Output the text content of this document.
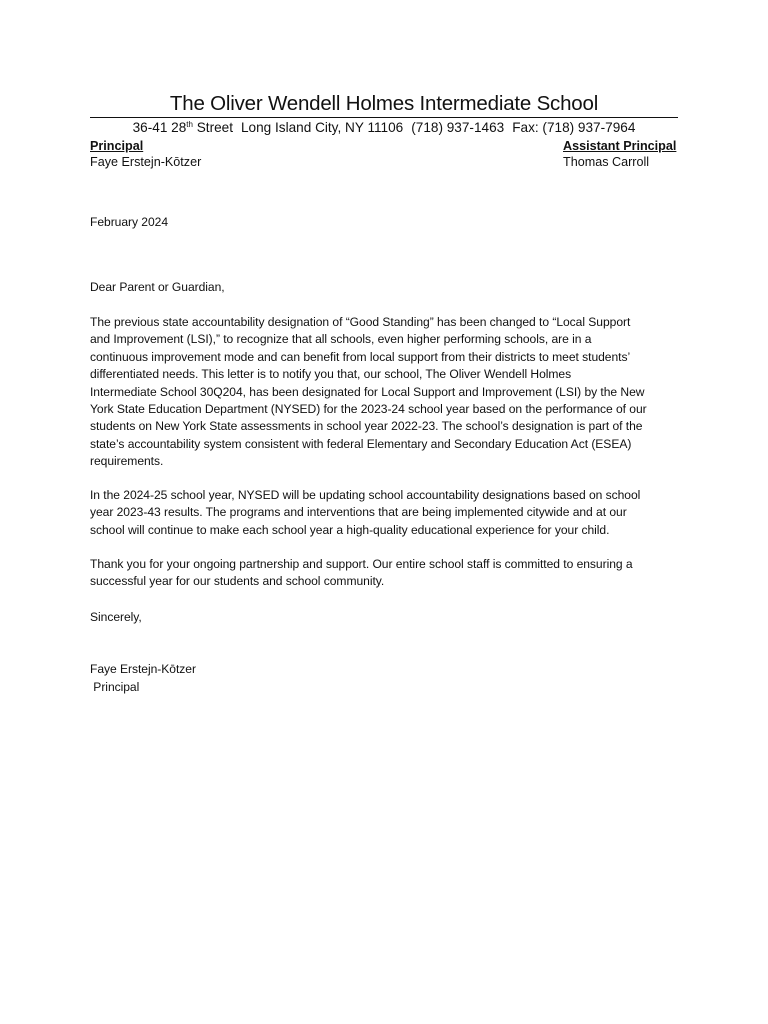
The Oliver Wendell Holmes Intermediate School
36-41 28th Street Long Island City, NY 11106 (718) 937-1463 Fax: (718) 937-7964
Principal
Faye Erstejn-Kōtzer
Assistant Principal
Thomas Carroll

February 2024

Dear Parent or Guardian,

The previous state accountability designation of “Good Standing” has been changed to “Local Support
and Improvement (LSI),” to recognize that all schools, even higher performing schools, are in a
continuous improvement mode and can benefit from local support from their districts to meet students’
differentiated needs. This letter is to notify you that, our school, The Oliver Wendell Holmes
Intermediate School 30Q204, has been designated for Local Support and Improvement (LSI) by the New
York State Education Department (NYSED) for the 2023-24 school year based on the performance of our
students on New York State assessments in school year 2022-23. The school’s designation is part of the
state’s accountability system consistent with federal Elementary and Secondary Education Act (ESEA)
requirements.

In the 2024-25 school year, NYSED will be updating school accountability designations based on school
year 2023-43 results. The programs and interventions that are being implemented citywide and at our
school will continue to make each school year a high-quality educational experience for your child.

Thank you for your ongoing partnership and support. Our entire school staff is committed to ensuring a
successful year for our students and school community.

Sincerely,

Faye Erstejn-Kōtzer

Principal
